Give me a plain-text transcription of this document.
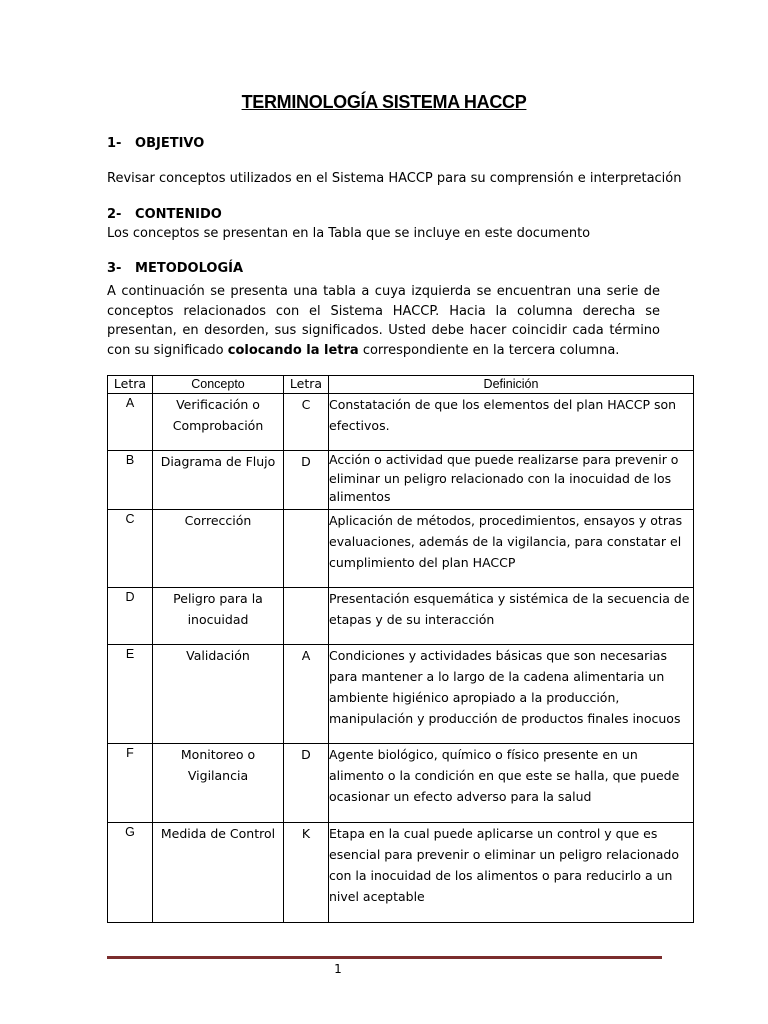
TERMINOLOGÍA SISTEMA HACCP
1- OBJETIVO
Revisar conceptos utilizados en el Sistema HACCP para su comprensión e interpretación
2- CONTENIDO
Los conceptos se presentan en la Tabla que se incluye en este documento
3- METODOLOGÍA
A continuación se presenta una tabla a cuya izquierda se encuentran una serie de conceptos relacionados con el Sistema HACCP. Hacia la columna derecha se presentan, en desorden, sus significados. Usted debe hacer coincidir cada término con su significado colocando la letra correspondiente en la tercera columna.
Letra	Concepto	Letra	Definición
A	Verificación o Comprobación	C	Constatación de que los elementos del plan HACCP son efectivos.
B	Diagrama de Flujo	D	Acción o actividad que puede realizarse para prevenir o eliminar un peligro relacionado con la inocuidad de los alimentos
C	Corrección		Aplicación de métodos, procedimientos, ensayos y otras evaluaciones, además de la vigilancia, para constatar el cumplimiento del plan HACCP
D	Peligro para la inocuidad		Presentación esquemática y sistémica de la secuencia de etapas y de su interacción
E	Validación	A	Condiciones y actividades básicas que son necesarias para mantener a lo largo de la cadena alimentaria un ambiente higiénico apropiado a la producción, manipulación y producción de productos finales inocuos
F	Monitoreo o Vigilancia	D	Agente biológico, químico o físico presente en un alimento o la condición en que este se halla, que puede ocasionar un efecto adverso para la salud
G	Medida de Control	K	Etapa en la cual puede aplicarse un control y que es esencial para prevenir o eliminar un peligro relacionado con la inocuidad de los alimentos o para reducirlo a un nivel aceptable
1
